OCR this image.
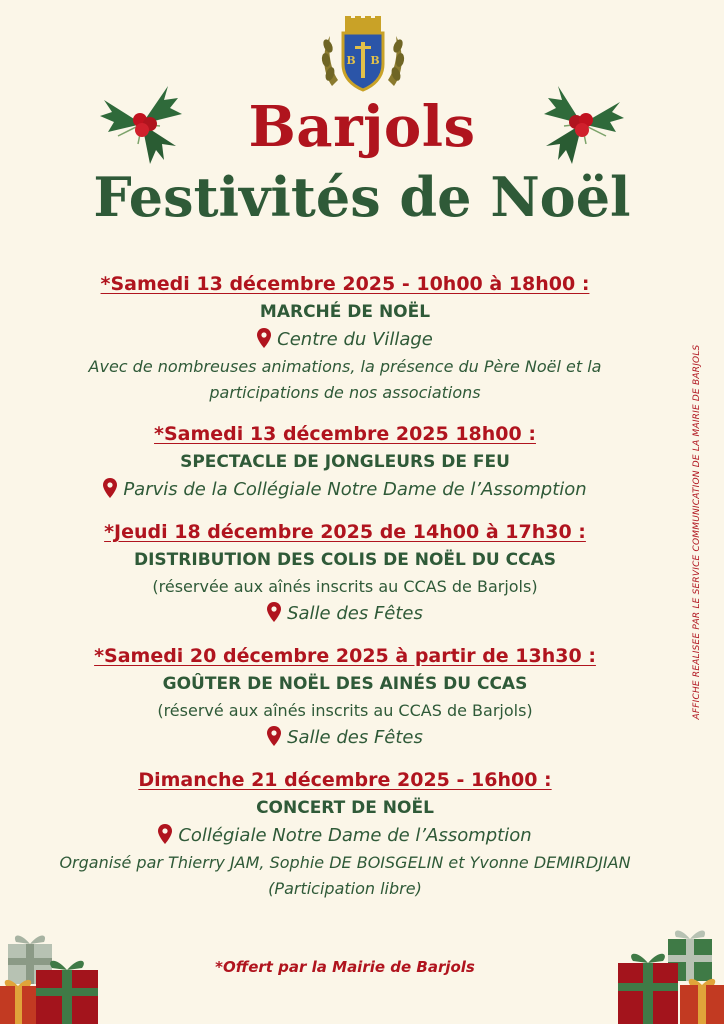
B B
Barjols
Festivités de Noël
AFFICHE REALISEE PAR LE SERVICE COMMUNICATION DE LA MAIRIE DE BARJOLS
*Samedi 13 décembre 2025 - 10h00 à 18h00 :
MARCHÉ DE NOËL
Centre du Village
Avec de nombreuses animations, la présence du Père Noël et la participations de nos associations
*Samedi 13 décembre 2025 18h00 :
SPECTACLE DE JONGLEURS DE FEU
Parvis de la Collégiale Notre Dame de l’Assomption
*Jeudi 18 décembre 2025 de 14h00 à 17h30 :
DISTRIBUTION DES COLIS DE NOËL DU CCAS
(réservée aux aînés inscrits au CCAS de Barjols)
Salle des Fêtes
*Samedi 20 décembre 2025 à partir de 13h30 :
GOÛTER DE NOËL DES AINÉS DU CCAS
(réservé aux aînés inscrits au CCAS de Barjols)
Salle des Fêtes
Dimanche 21 décembre 2025 - 16h00 :
CONCERT DE NOËL
Collégiale Notre Dame de l’Assomption
Organisé par Thierry JAM, Sophie DE BOISGELIN et Yvonne DEMIRDJIAN (Participation libre)
*Offert par la Mairie de Barjols
